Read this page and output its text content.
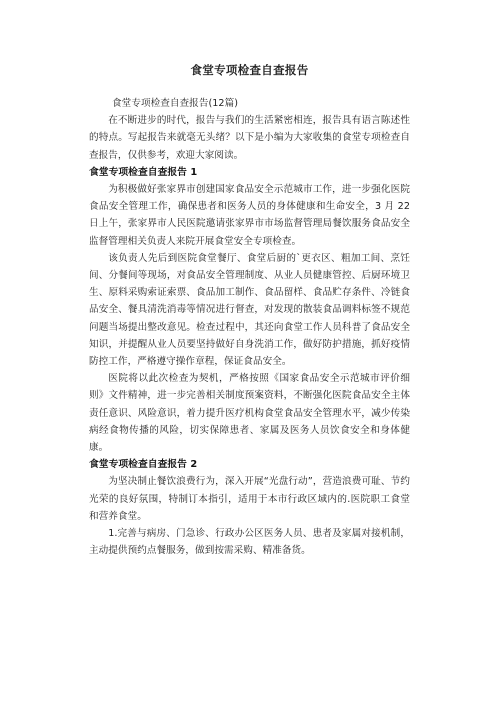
食堂专项检查自查报告

食堂专项检查自查报告(12篇)

在不断进步的时代，报告与我们的生活紧密相连，报告具有语言陈述性的特点。写起报告来就毫无头绪？以下是小编为大家收集的食堂专项检查自查报告，仅供参考，欢迎大家阅读。

食堂专项检查自查报告 1

为积极做好张家界市创建国家食品安全示范城市工作，进一步强化医院食品安全管理工作，确保患者和医务人员的身体健康和生命安全，3 月 22 日上午，张家界市人民医院邀请张家界市市场监督管理局餐饮服务食品安全监督管理相关负责人来院开展食堂安全专项检查。

该负责人先后到医院食堂餐厅、食堂后厨的`更衣区、粗加工间、烹饪间、分餐间等现场，对食品安全管理制度、从业人员健康管控、后厨环境卫生、原料采购索证索票、食品加工制作、食品留样、食品贮存条件、冷链食品安全、餐具清洗消毒等情况进行督查，对发现的散装食品调料标签不规范问题当场提出整改意见。检查过程中，其还向食堂工作人员科普了食品安全知识，并提醒从业人员要坚持做好自身洗消工作，做好防护措施，抓好疫情防控工作，严格遵守操作章程，保证食品安全。

医院将以此次检查为契机，严格按照《国家食品安全示范城市评价细则》文件精神，进一步完善相关制度预案资料，不断强化医院食品安全主体责任意识、风险意识，着力提升医疗机构食堂食品安全管理水平，减少传染病经食物传播的风险，切实保障患者、家属及医务人员饮食安全和身体健康。

食堂专项检查自查报告 2

为坚决制止餐饮浪费行为，深入开展“光盘行动”，营造浪费可耻、节约光荣的良好氛围，特制订本指引，适用于本市行政区域内的.医院职工食堂和营养食堂。

1.完善与病房、门急诊、行政办公区医务人员、患者及家属对接机制，主动提供预约点餐服务，做到按需采购、精准备货。
